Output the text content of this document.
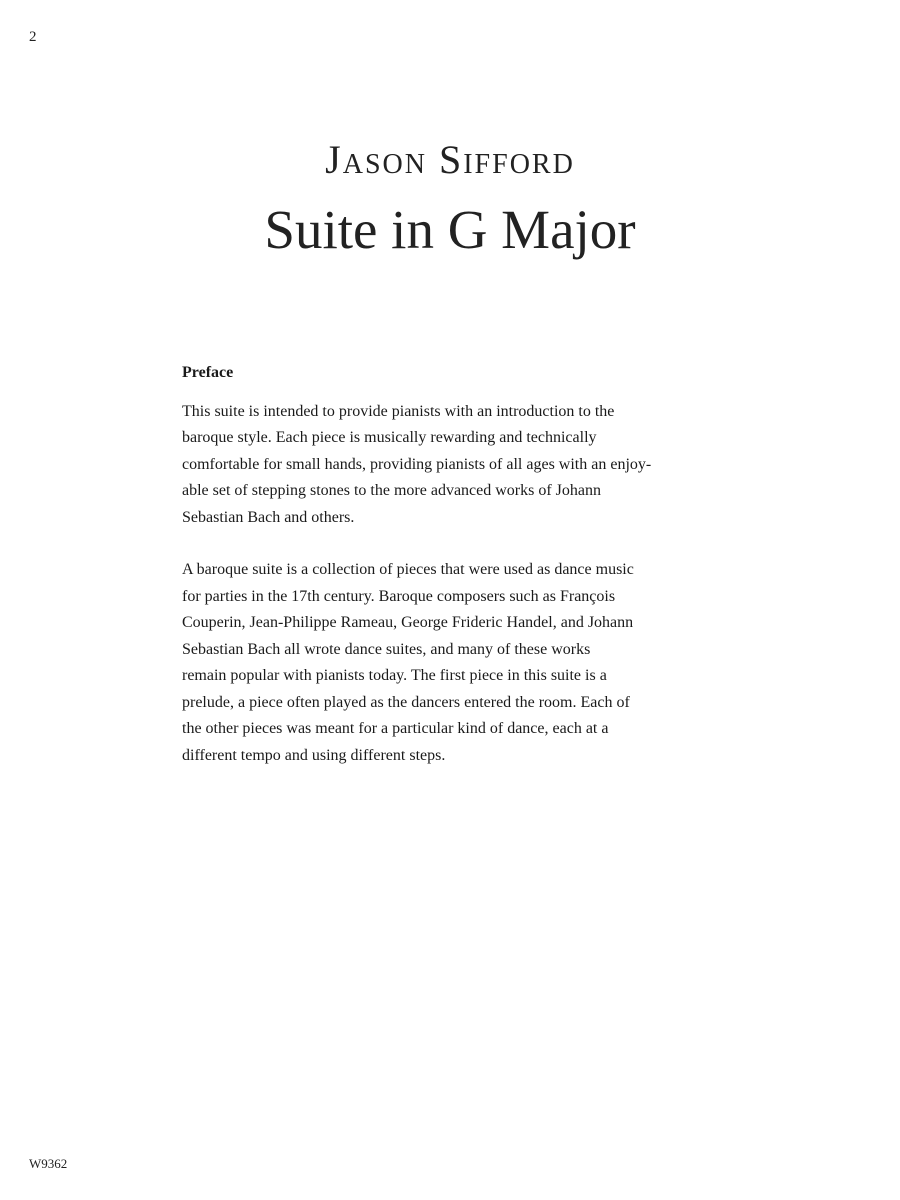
2
Jason Sifford
Suite in G Major
Preface

This suite is intended to provide pianists with an introduction to the
baroque style. Each piece is musically rewarding and technically
comfortable for small hands, providing pianists of all ages with an enjoy-
able set of stepping stones to the more advanced works of Johann
Sebastian Bach and others.

A baroque suite is a collection of pieces that were used as dance music
for parties in the 17th century. Baroque composers such as François
Couperin, Jean-Philippe Rameau, George Frideric Handel, and Johann
Sebastian Bach all wrote dance suites, and many of these works
remain popular with pianists today. The first piece in this suite is a
prelude, a piece often played as the dancers entered the room. Each of
the other pieces was meant for a particular kind of dance, each at a
different tempo and using different steps.

W9362
